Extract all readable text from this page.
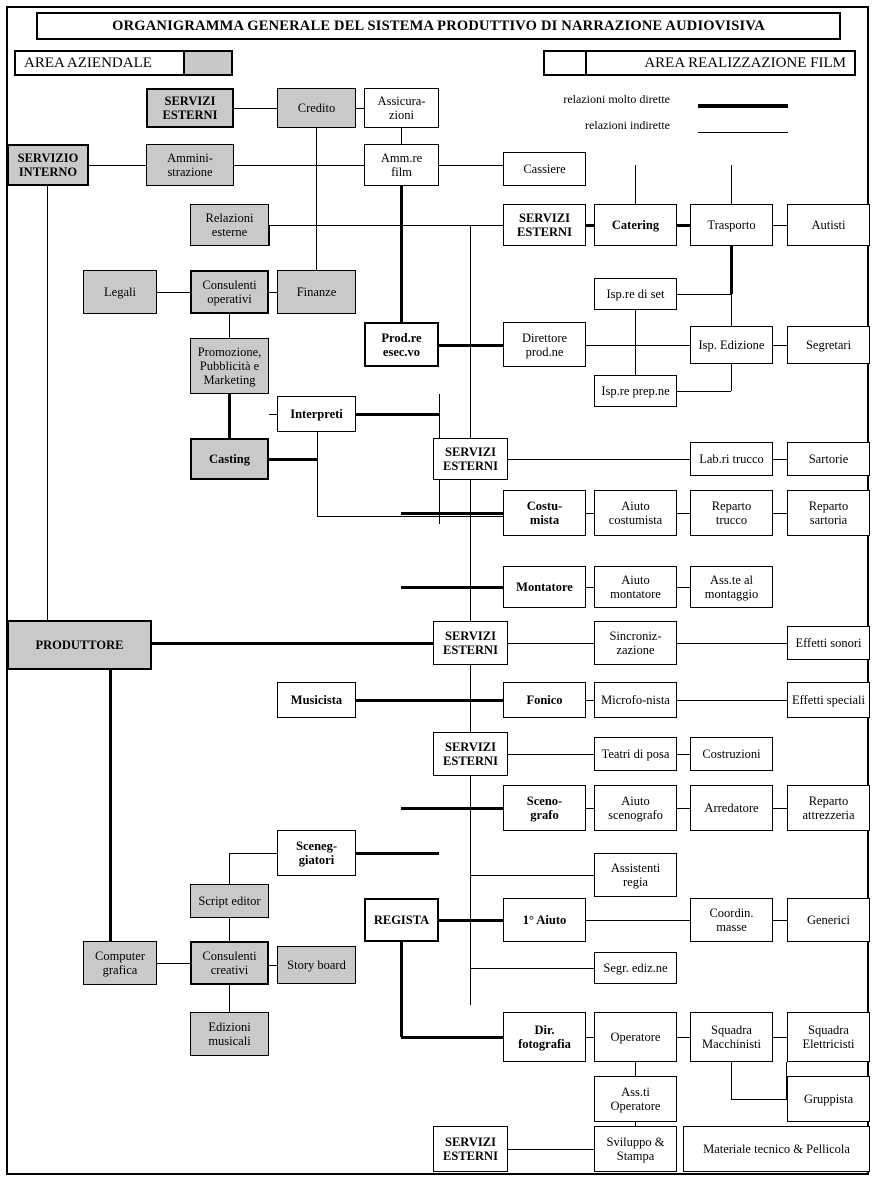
ORGANIGRAMMA GENERALE DEL SISTEMA PRODUTTIVO DI NARRAZIONE AUDIOVISIVA
AREA AZIENDALE	AREA REALIZZAZIONE FILM
relazioni molto dirette
relazioni indirette
SERVIZI
ESTERNI	Credito	Assicura-
zioni
SERVIZIO
INTERNO
Ammini-
strazione
Amm.re
film	Cassiere
Relazioni
esterne
SERVIZI
ESTERNI	Catering	Trasporto	Autisti
Legali	Consulenti
operativi	Finanze	Isp.re di set
Promozione,
Pubblicità e
Marketing
Prod.re
esec.vo
Direttore
prod.ne	Isp. Edizione	Segretari
Isp.re prep.ne
Interpreti
Casting	SERVIZI
ESTERNI	Lab.ri trucco	Sartorie
Costu-
mista
Aiuto
costumista
Reparto
trucco
Reparto
sartoria
Montatore	Aiuto
montatore
Ass.te al
montaggio
SERVIZI
ESTERNI
Sincroniz-
zazione	Effetti sonori
Musicista	Fonico	Microfo-nista	Effetti speciali
PRODUTTORE
SERVIZI
ESTERNI	Teatri di posa	Costruzioni
Sceno-
grafo
Aiuto
scenografo	Arredatore	Reparto
attrezzeria
Sceneg-
giatori
Assistenti
regia
Script editor
REGISTA	1° Aiuto	Coordin.
masse	Generici
Computer
grafica
Consulenti
creativi	Story board	Segr. ediz.ne
Edizioni
musicali
Dir.
fotografia	Operatore	Squadra
Macchinisti
Squadra
Elettricisti
Ass.ti
Operatore	Gruppista
SERVIZI
ESTERNI
Sviluppo &
Stampa	Materiale tecnico & Pellicola
